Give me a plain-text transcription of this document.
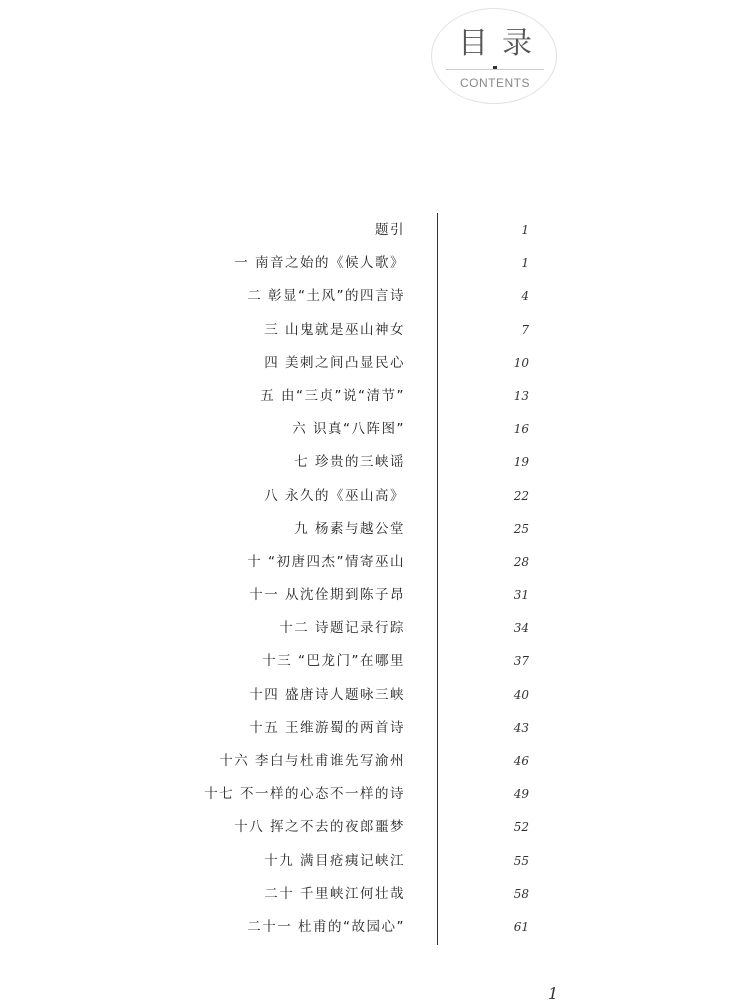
目录
CONTENTS
题引	1
一 南音之始的《候人歌》	1
二 彰显“土风”的四言诗	4
三 山鬼就是巫山神女	7
四 美刺之间凸显民心	10
五 由“三贞”说“清节”	13
六 识真“八阵图”	16
七 珍贵的三峡谣	19
八 永久的《巫山高》	22
九 杨素与越公堂	25
十 “初唐四杰”情寄巫山	28
十一 从沈佺期到陈子昂	31
十二 诗题记录行踪	34
十三 “巴龙门”在哪里	37
十四 盛唐诗人题咏三峡	40
十五 王维游蜀的两首诗	43
十六 李白与杜甫谁先写渝州	46
十七 不一样的心态不一样的诗	49
十八 挥之不去的夜郎噩梦	52
十九 满目疮痍记峡江	55
二十 千里峡江何壮哉	58
二十一 杜甫的“故园心”	61
1
